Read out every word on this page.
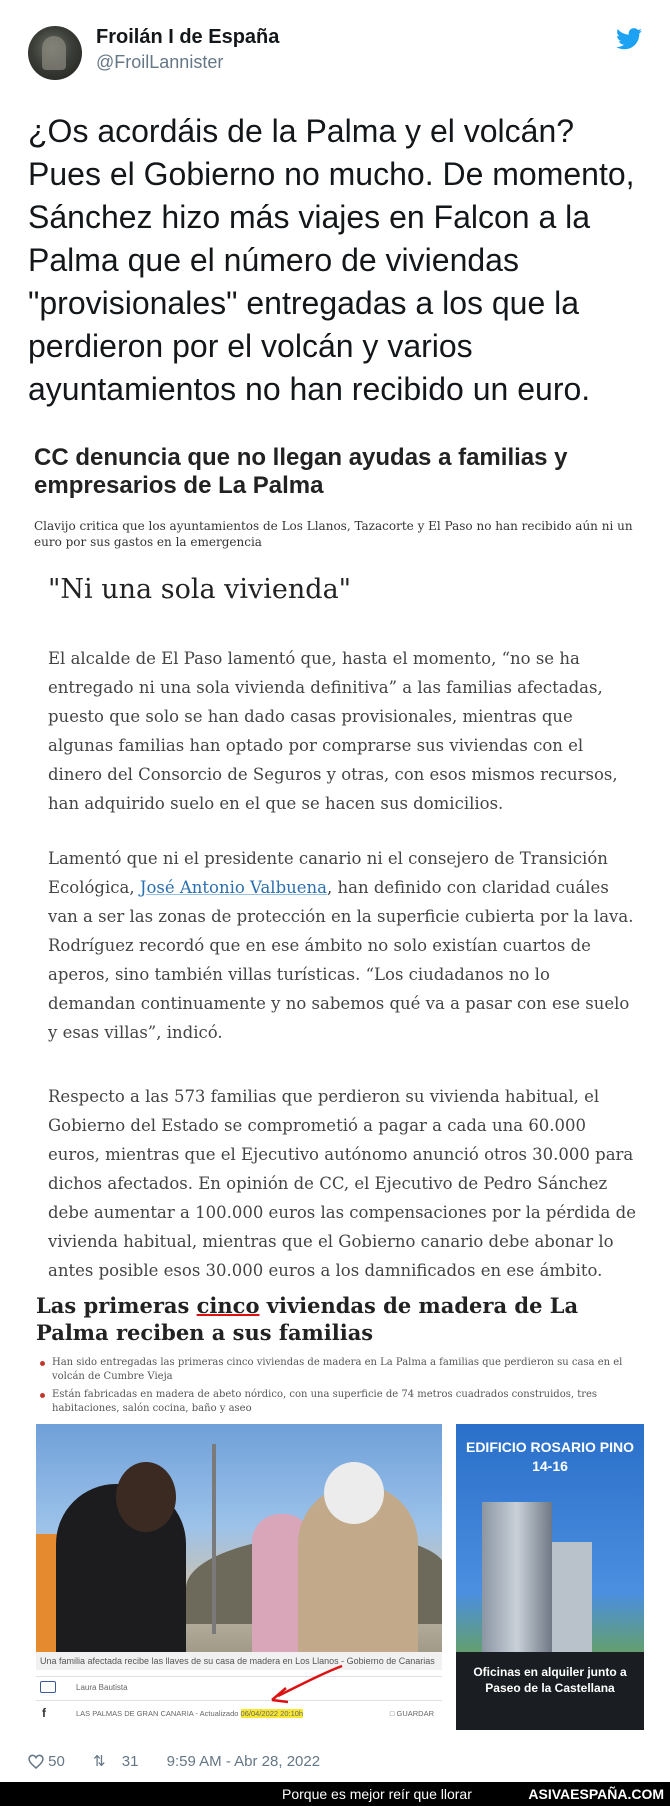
Froilán I de España
@FroilLannister
¿Os acordáis de la Palma y el volcán? Pues el Gobierno no mucho. De momento, Sánchez hizo más viajes en Falcon a la Palma que el número de viviendas "provisionales" entregadas a los que la perdieron por el volcán y varios ayuntamientos no han recibido un euro.
CC denuncia que no llegan ayudas a familias y empresarios de La Palma
Clavijo critica que los ayuntamientos de Los Llanos, Tazacorte y El Paso no han recibido aún ni un euro por sus gastos en la emergencia
"Ni una sola vivienda"
El alcalde de El Paso lamentó que, hasta el momento, “no se ha entregado ni una sola vivienda definitiva” a las familias afectadas, puesto que solo se han dado casas provisionales, mientras que algunas familias han optado por comprarse sus viviendas con el dinero del Consorcio de Seguros y otras, con esos mismos recursos, han adquirido suelo en el que se hacen sus domicilios.
Lamentó que ni el presidente canario ni el consejero de Transición Ecológica, José Antonio Valbuena, han definido con claridad cuáles van a ser las zonas de protección en la superficie cubierta por la lava. Rodríguez recordó que en ese ámbito no solo existían cuartos de aperos, sino también villas turísticas. “Los ciudadanos no lo demandan continuamente y no sabemos qué va a pasar con ese suelo y esas villas”, indicó.
Respecto a las 573 familias que perdieron su vivienda habitual, el Gobierno del Estado se comprometió a pagar a cada una 60.000 euros, mientras que el Ejecutivo autónomo anunció otros 30.000 para dichos afectados. En opinión de CC, el Ejecutivo de Pedro Sánchez debe aumentar a 100.000 euros las compensaciones por la pérdida de vivienda habitual, mientras que el Gobierno canario debe abonar lo antes posible esos 30.000 euros a los damnificados en ese ámbito.
Las primeras cinco viviendas de madera de La Palma reciben a sus familias
Han sido entregadas las primeras cinco viviendas de madera en La Palma a familias que perdieron su casa en el volcán de Cumbre Vieja
Están fabricadas en madera de abeto nórdico, con una superficie de 74 metros cuadrados construidos, tres habitaciones, salón cocina, baño y aseo
Una familia afectada recibe las llaves de su casa de madera en Los Llanos - Gobierno de Canarias
Laura Bautista
f	LAS PALMAS DE GRAN CANARIA - Actualizado 06/04/2022 20:10h	□ GUARDAR
EDIFICIO ROSARIO PINO 14-16
Oficinas en alquiler junto a Paseo de la Castellana
50 ⇅ 31 9:59 AM - Abr 28, 2022
Porque es mejor reír que llorar	ASIVAESPAÑA.COM
